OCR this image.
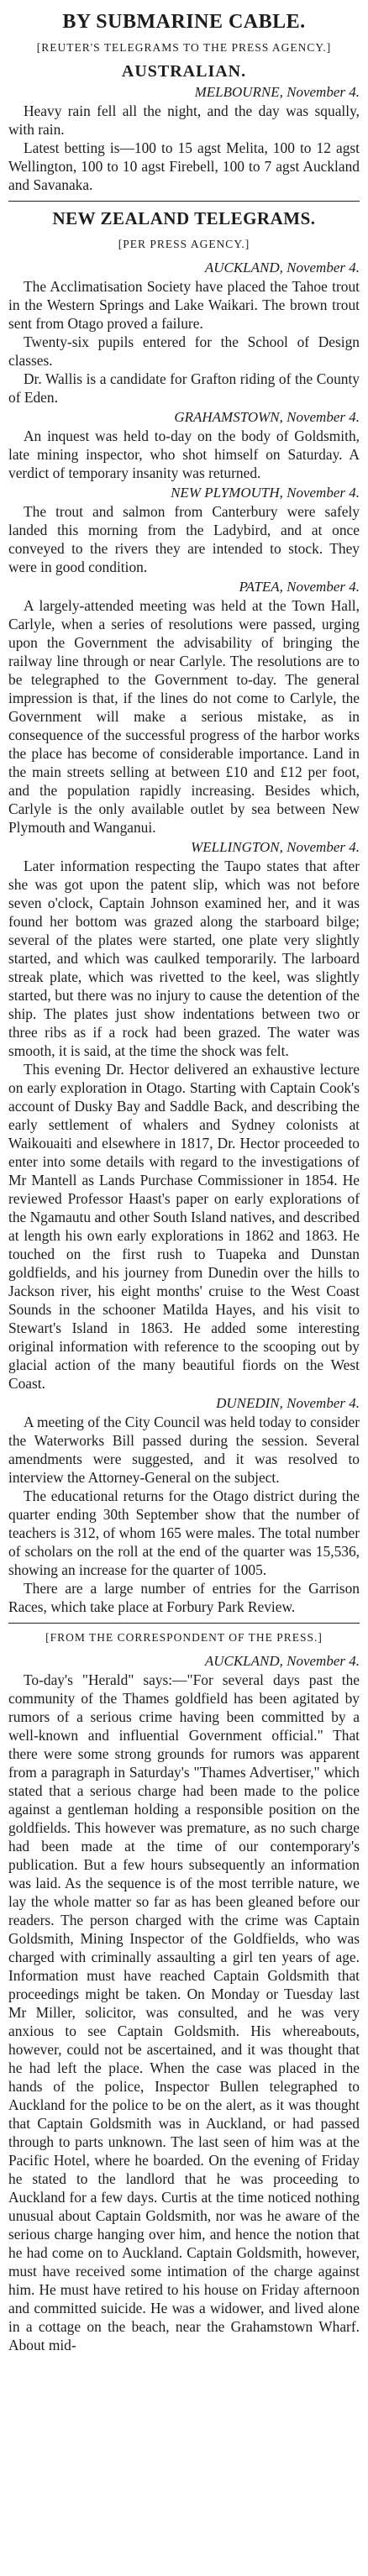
BY SUBMARINE CABLE.
[REUTER'S TELEGRAMS TO THE PRESS AGENCY.]
AUSTRALIAN.
MELBOURNE, November 4.

Heavy rain fell all the night, and the day was squally, with rain.

Latest betting is—100 to 15 agst Melita, 100 to 12 agst Wellington, 100 to 10 agst Firebell, 100 to 7 agst Auckland and Savanaka.

NEW ZEALAND TELEGRAMS.
[PER PRESS AGENCY.]
AUCKLAND, November 4.

The Acclimatisation Society have placed the Tahoe trout in the Western Springs and Lake Waikari. The brown trout sent from Otago proved a failure.

Twenty-six pupils entered for the School of Design classes.

Dr. Wallis is a candidate for Grafton riding of the County of Eden.

GRAHAMSTOWN, November 4.

An inquest was held to-day on the body of Goldsmith, late mining inspector, who shot himself on Saturday. A verdict of temporary insanity was returned.

NEW PLYMOUTH, November 4.

The trout and salmon from Canterbury were safely landed this morning from the Ladybird, and at once conveyed to the rivers they are intended to stock. They were in good condition.

PATEA, November 4.

A largely-attended meeting was held at the Town Hall, Carlyle, when a series of resolutions were passed, urging upon the Government the advisability of bringing the railway line through or near Carlyle. The resolutions are to be telegraphed to the Government to-day. The general impression is that, if the lines do not come to Carlyle, the Government will make a serious mistake, as in consequence of the successful progress of the harbor works the place has become of considerable importance. Land in the main streets selling at between £10 and £12 per foot, and the population rapidly increasing. Besides which, Carlyle is the only available outlet by sea between New Plymouth and Wanganui.

WELLINGTON, November 4.

Later information respecting the Taupo states that after she was got upon the patent slip, which was not before seven o'clock, Captain Johnson examined her, and it was found her bottom was grazed along the starboard bilge; several of the plates were started, one plate very slightly started, and which was caulked temporarily. The larboard streak plate, which was rivetted to the keel, was slightly started, but there was no injury to cause the detention of the ship. The plates just show indentations between two or three ribs as if a rock had been grazed. The water was smooth, it is said, at the time the shock was felt.

This evening Dr. Hector delivered an exhaustive lecture on early exploration in Otago. Starting with Captain Cook's account of Dusky Bay and Saddle Back, and describing the early settlement of whalers and Sydney colonists at Waikouaiti and elsewhere in 1817, Dr. Hector proceeded to enter into some details with regard to the investigations of Mr Mantell as Lands Purchase Commissioner in 1854. He reviewed Professor Haast's paper on early explorations of the Ngamautu and other South Island natives, and described at length his own early explorations in 1862 and 1863. He touched on the first rush to Tuapeka and Dunstan goldfields, and his journey from Dunedin over the hills to Jackson river, his eight months' cruise to the West Coast Sounds in the schooner Matilda Hayes, and his visit to Stewart's Island in 1863. He added some interesting original information with reference to the scooping out by glacial action of the many beautiful fiords on the West Coast.

DUNEDIN, November 4.

A meeting of the City Council was held today to consider the Waterworks Bill passed during the session. Several amendments were suggested, and it was resolved to interview the Attorney-General on the subject.

The educational returns for the Otago district during the quarter ending 30th September show that the number of teachers is 312, of whom 165 were males. The total number of scholars on the roll at the end of the quarter was 15,536, showing an increase for the quarter of 1005.

There are a large number of entries for the Garrison Races, which take place at Forbury Park Review.

[FROM THE CORRESPONDENT OF THE PRESS.]
AUCKLAND, November 4.

To-day's "Herald" says:—"For several days past the community of the Thames goldfield has been agitated by rumors of a serious crime having been committed by a well-known and influential Government official." That there were some strong grounds for rumors was apparent from a paragraph in Saturday's "Thames Advertiser," which stated that a serious charge had been made to the police against a gentleman holding a responsible position on the goldfields. This however was premature, as no such charge had been made at the time of our contemporary's publication. But a few hours subsequently an information was laid. As the sequence is of the most terrible nature, we lay the whole matter so far as has been gleaned before our readers. The person charged with the crime was Captain Goldsmith, Mining Inspector of the Goldfields, who was charged with criminally assaulting a girl ten years of age. Information must have reached Captain Goldsmith that proceedings might be taken. On Monday or Tuesday last Mr Miller, solicitor, was consulted, and he was very anxious to see Captain Goldsmith. His whereabouts, however, could not be ascertained, and it was thought that he had left the place. When the case was placed in the hands of the police, Inspector Bullen telegraphed to Auckland for the police to be on the alert, as it was thought that Captain Goldsmith was in Auckland, or had passed through to parts unknown. The last seen of him was at the Pacific Hotel, where he boarded. On the evening of Friday he stated to the landlord that he was proceeding to Auckland for a few days. Curtis at the time noticed nothing unusual about Captain Goldsmith, nor was he aware of the serious charge hanging over him, and hence the notion that he had come on to Auckland. Captain Goldsmith, however, must have received some intimation of the charge against him. He must have retired to his house on Friday afternoon and committed suicide. He was a widower, and lived alone in a cottage on the beach, near the Grahamstown Wharf. About mid-
